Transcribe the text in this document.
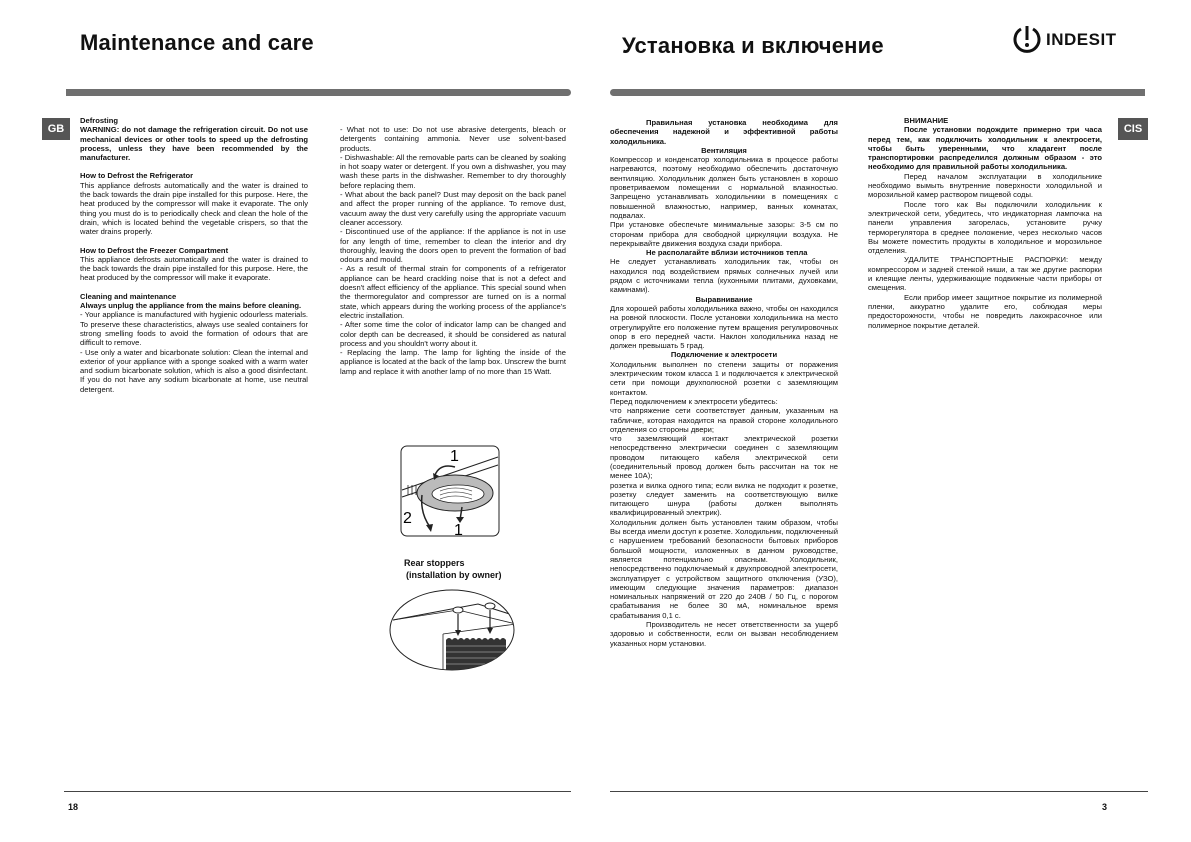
Maintenance and care
GB

Defrosting

WARNING: do not damage the refrigeration circuit. Do not use mechanical devices or other tools to speed up the defrosting process, unless they have been recommended by the manufacturer.

How to Defrost the Refrigerator

This appliance defrosts automatically and the water is drained to the back towards the drain pipe installed for this purpose. Here, the heat produced by the compressor will make it evaporate. The only thing you must do is to periodically check and clean the hole of the drain, which is located behind the vegetable crispers, so that the water drains properly.

How to Defrost the Freezer Compartment

This appliance defrosts automatically and the water is drained to the back towards the drain pipe installed for this purpose. Here, the heat produced by the compressor will make it evaporate.

Cleaning and maintenance

Always unplug the appliance from the mains before cleaning.

- Your appliance is manufactured with hygienic odourless materials. To preserve these characteristics, always use sealed containers for strong smelling foods to avoid the formation of odours that are difficult to remove.

- Use only a water and bicarbonate solution: Clean the internal and exterior of your appliance with a sponge soaked with a warm water and sodium bicarbonate solution, which is also a good disinfectant. If you do not have any sodium bicarbonate at home, use neutral detergent.

- What not to use: Do not use abrasive detergents, bleach or detergents containing ammonia. Never use solvent-based products.

- Dishwashable: All the removable parts can be cleaned by soaking in hot soapy water or detergent. If you own a dishwasher, you may wash these parts in the dishwasher. Remember to dry thoroughly before replacing them.

- What about the back panel? Dust may deposit on the back panel and affect the proper running of the appliance. To remove dust, vacuum away the dust very carefully using the appropriate vacuum cleaner accessory.

- Discontinued use of the appliance: If the appliance is not in use for any length of time, remember to clean the interior and dry thoroughly, leaving the doors open to prevent the formation of bad odours and mould.

- As a result of thermal strain for components of a refrigerator appliance can be heard crackling noise that is not a defect and doesn't affect efficiency of the appliance. This special sound when the thermoregulator and compressor are turned on is a normal state, which appears during the working process of the appliance's electric installation.

- After some time the color of indicator lamp can be changed and color depth can be decreased, it should be considered as natural process and you shouldn't worry about it.

- Replacing the lamp. The lamp for lighting the inside of the appliance is located at the back of the lamp box. Unscrew the burnt lamp and replace it with another lamp of no more than 15 Watt.

1
2
1
Rear stoppers
(installation by owner)
18
Установка и включение	INDESIT
CIS

Правильная установка необходима для обеспечения надежной и эффективной работы холодильника.

Вентиляция

Компрессор и конденсатор холодильника в процессе работы нагреваются, поэтому необходимо обеспечить достаточную вентиляцию. Холодильник должен быть установлен в хорошо проветриваемом помещении с нормальной влажностью. Запрещено устанавливать холодильники в помещениях с повышенной влажностью, например, ванных комнатах, подвалах.

При установке обеспечьте минимальные зазоры: 3-5 см по сторонам прибора для свободной циркуляции воздуха. Не перекрывайте движения воздуха сзади прибора.

Не располагайте вблизи источников тепла

Не следует устанавливать холодильник так, чтобы он находился под воздействием прямых солнечных лучей или рядом с источниками тепла (кухонными плитами, духовками, каминами).

Выравнивание

Для хорошей работы холодильника важно, чтобы он находился на ровной плоскости. После установки холодильника на место отрегулируйте его положение путем вращения регулировочных опор в его передней части. Наклон холодильника назад не должен превышать 5 град.

Подключение к электросети

Холодильник выполнен по степени защиты от поражения электрическим током класса 1 и подключается к электрической сети при помощи двухполюсной розетки с заземляющим контактом.

Перед подключением к электросети убедитесь:

что напряжение сети соответствует данным, указанным на табличке, которая находится на правой стороне холодильного отделения со стороны двери;

что заземляющий контакт электрической розетки непосредственно электрически соединен с заземляющим проводом питающего кабеля электрической сети (соединительный провод должен быть рассчитан на ток не менее 10А);

розетка и вилка одного типа; если вилка не подходит к розетке, розетку следует заменить на соответствующую вилке питающего шнура (работы должен выполнять квалифицированный электрик).

Холодильник должен быть установлен таким образом, чтобы Вы всегда имели доступ к розетке. Холодильник, подключенный с нарушением требований безопасности бытовых приборов большой мощности, изложенных в данном руководстве, является потенциально опасным. Холодильник, непосредственно подключаемый к двухпроводной электросети, эксплуатирует с устройством защитного отключения (УЗО), имеющим следующие значения параметров: диапазон номинальных напряжений от 220 до 240В / 50 Гц, с порогом срабатывания не более 30 мА, номинальное время срабатывания 0,1 с.

Производитель не несет ответственности за ущерб здоровью и собственности, если он вызван несоблюдением указанных норм установки.

ВНИМАНИЕ

После установки подождите примерно три часа перед тем, как подключить холодильник к электросети, чтобы быть уверенными, что хладагент после транспортировки распределился должным образом - это необходимо для правильной работы холодильника.

Перед началом эксплуатации в холодильнике необходимо вымыть внутренние поверхности холодильной и морозильной камер раствором пищевой соды.

После того как Вы подключили холодильник к электрической сети, убедитесь, что индикаторная лампочка на панели управления загорелась, установите ручку терморегулятора в среднее положение, через несколько часов Вы можете поместить продукты в холодильное и морозильное отделения.

УДАЛИТЕ ТРАНСПОРТНЫЕ РАСПОРКИ: между компрессором и задней стенкой ниши, а так же другие распорки и клеящие ленты, удерживающие подвижные части приборы от смещения.

Если прибор имеет защитное покрытие из полимерной пленки, аккуратно удалите его, соблюдая меры предосторожности, чтобы не повредить лакокрасочное или полимерное покрытие деталей.

3
